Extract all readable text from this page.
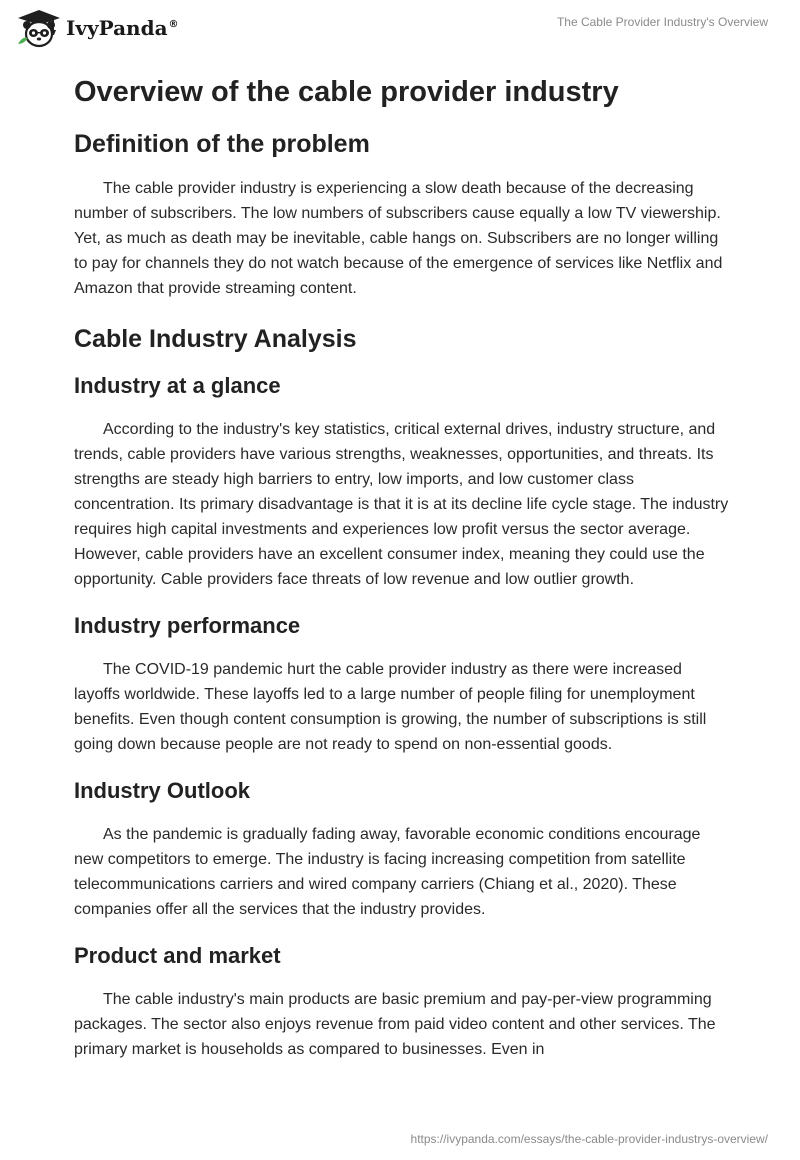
IvyPanda®	The Cable Provider Industry's Overview
Overview of the cable provider industry
Definition of the problem

The cable provider industry is experiencing a slow death because of the decreasing number of subscribers. The low numbers of subscribers cause equally a low TV viewership. Yet, as much as death may be inevitable, cable hangs on. Subscribers are no longer willing to pay for channels they do not watch because of the emergence of services like Netflix and Amazon that provide streaming content.

Cable Industry Analysis
Industry at a glance

According to the industry's key statistics, critical external drives, industry structure, and trends, cable providers have various strengths, weaknesses, opportunities, and threats. Its strengths are steady high barriers to entry, low imports, and low customer class concentration. Its primary disadvantage is that it is at its decline life cycle stage. The industry requires high capital investments and experiences low profit versus the sector average. However, cable providers have an excellent consumer index, meaning they could use the opportunity. Cable providers face threats of low revenue and low outlier growth.

Industry performance

The COVID-19 pandemic hurt the cable provider industry as there were increased layoffs worldwide. These layoffs led to a large number of people filing for unemployment benefits. Even though content consumption is growing, the number of subscriptions is still going down because people are not ready to spend on non-essential goods.

Industry Outlook

As the pandemic is gradually fading away, favorable economic conditions encourage new competitors to emerge. The industry is facing increasing competition from satellite telecommunications carriers and wired company carriers (Chiang et al., 2020). These companies offer all the services that the industry provides.

Product and market

The cable industry's main products are basic premium and pay-per-view programming packages. The sector also enjoys revenue from paid video content and other services. The primary market is households as compared to businesses. Even in

https://ivypanda.com/essays/the-cable-provider-industrys-overview/
